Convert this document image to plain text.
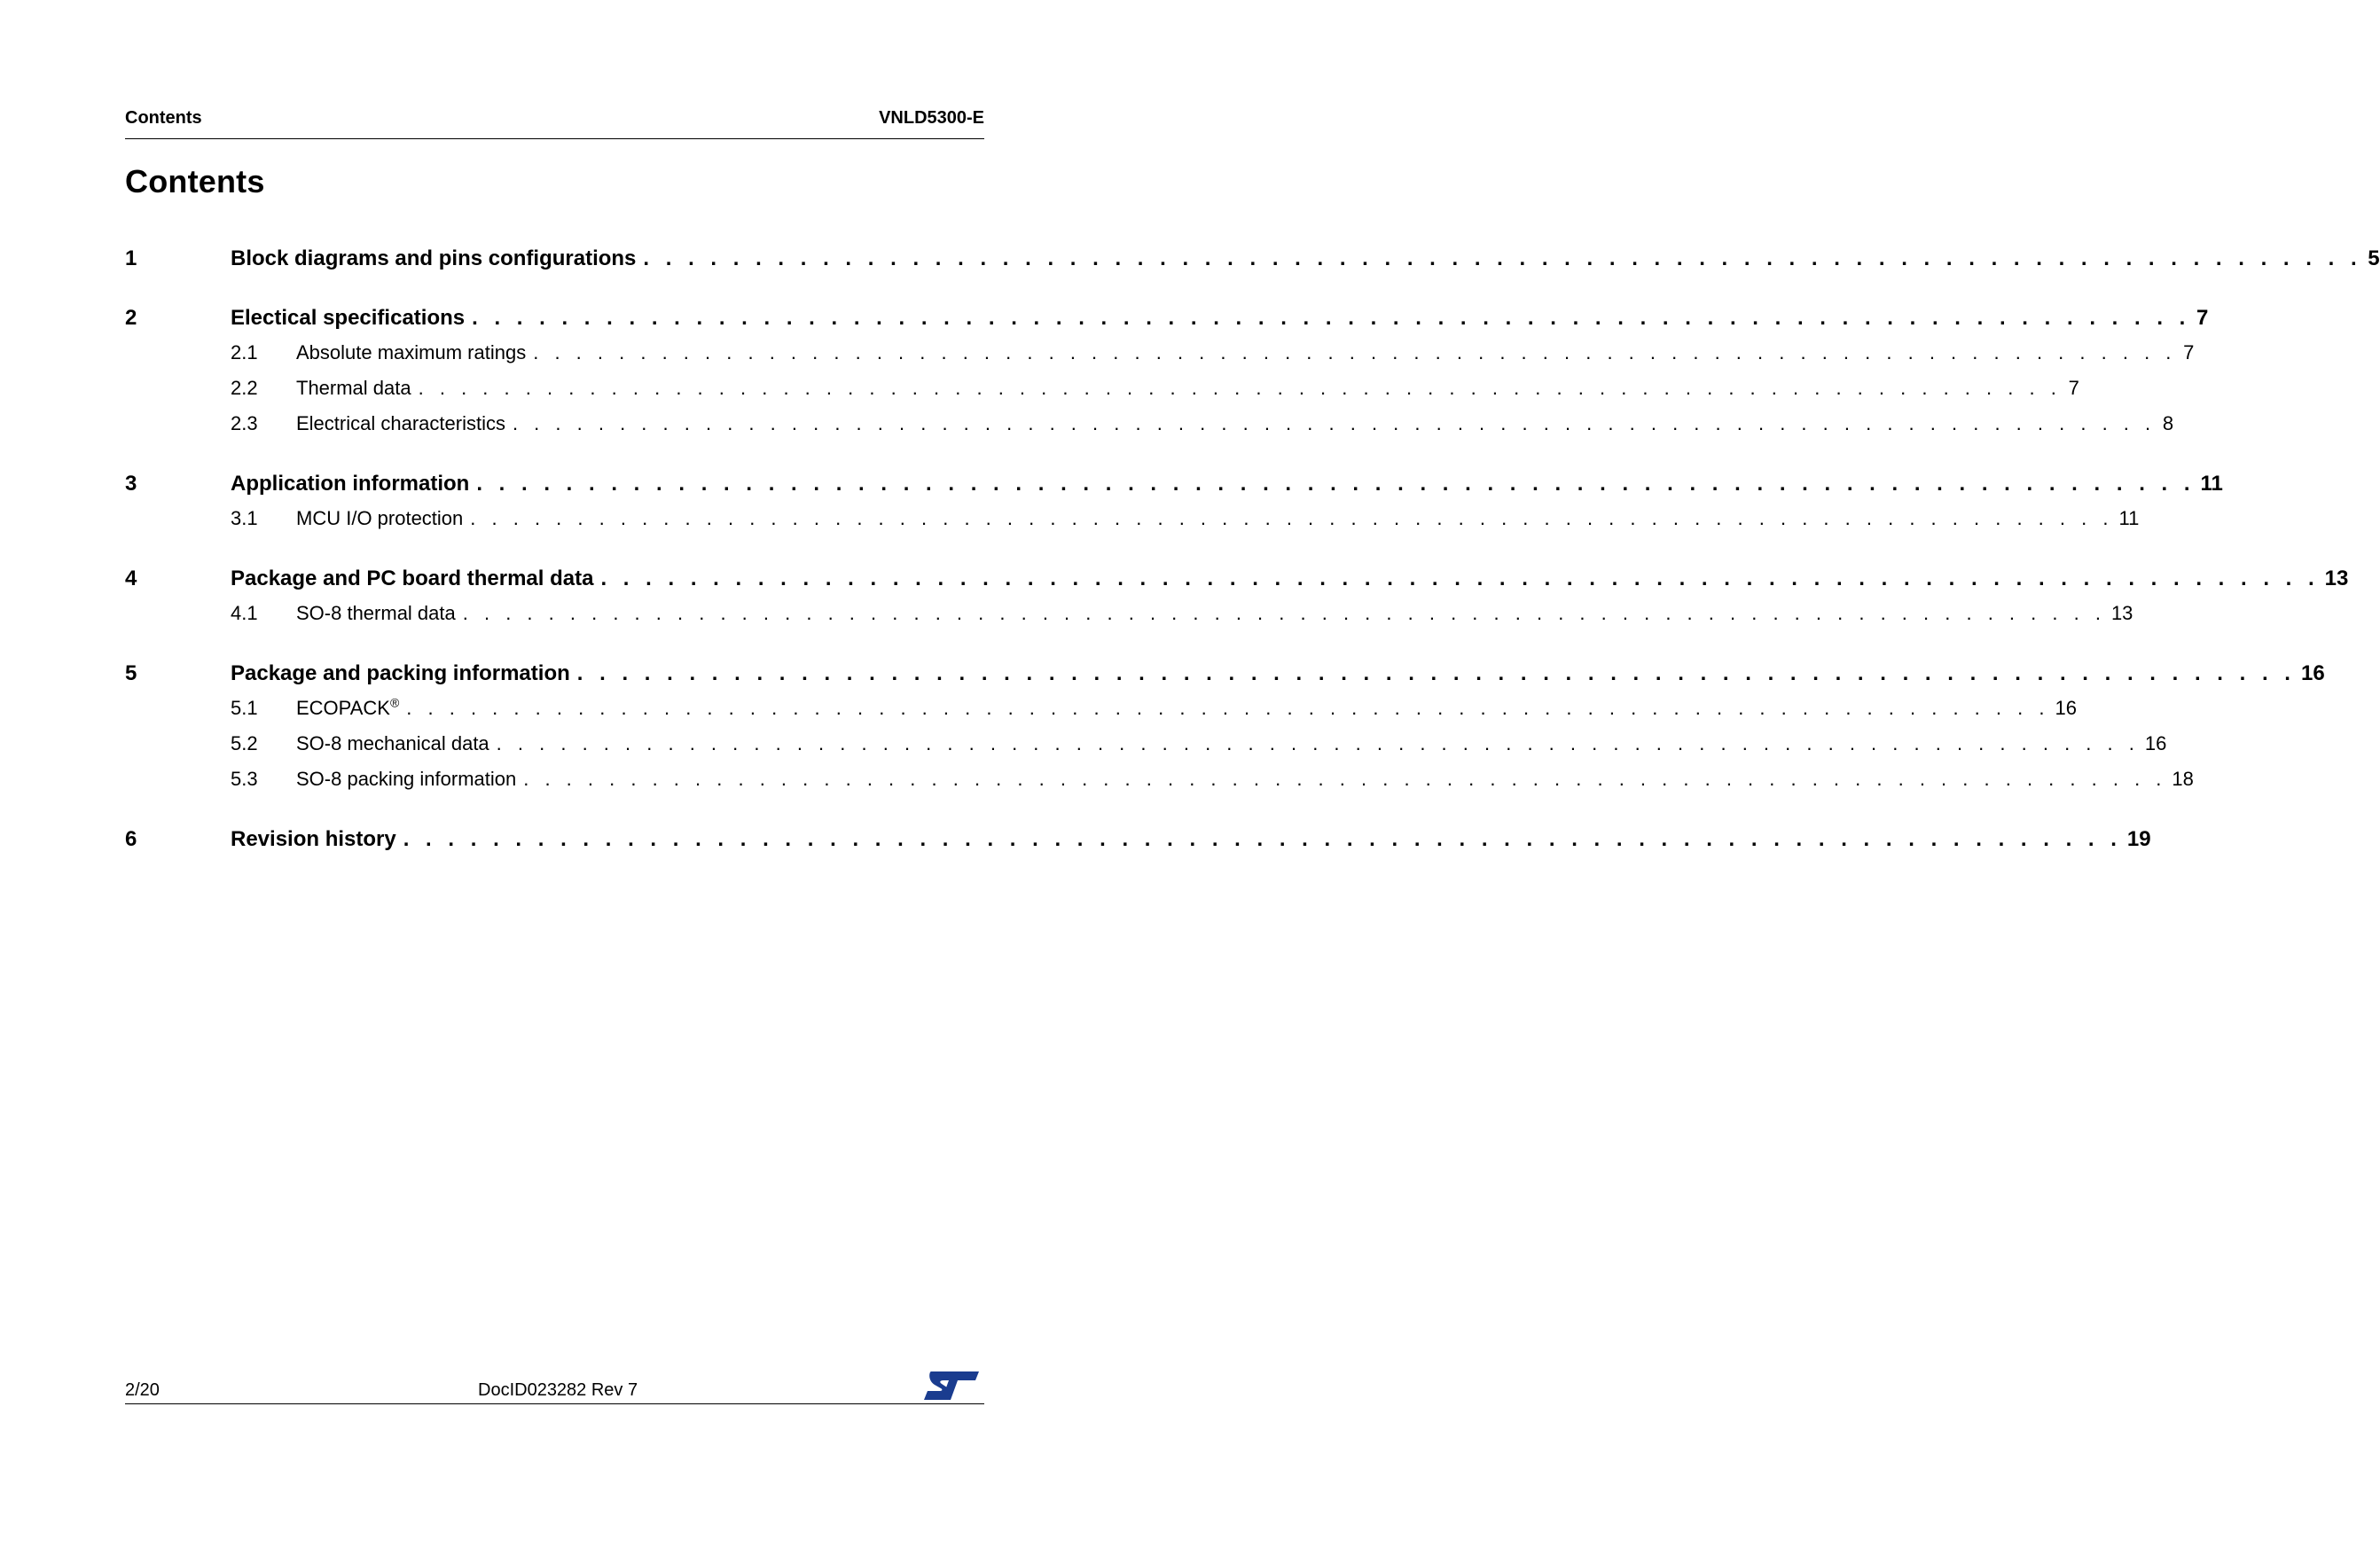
Contents	VNLD5300-E
Contents
1	Block diagrams and pins configurations . . . . . . . . . . . . . . . . . . . . . . . . . . . . . . . . . . . . . . . . . . . . . . . . . . . . . . . . . . . . . . . . . . . . . . . . . . . . . 5
2	Electical specifications . . . . . . . . . . . . . . . . . . . . . . . . . . . . . . . . . . . . . . . . . . . . . . . . . . . . . . . . . . . . . . . . . . . . . . . . . . . . . 7
2.1 Absolute maximum ratings . . . . . . . . . . . . . . . . . . . . . . . . . . . . . . . . . . . . . . . . . . . . . . . . . . . . . . . . . . . . . . . . . . . . . . . . . . . . . 7
2.2 Thermal data . . . . . . . . . . . . . . . . . . . . . . . . . . . . . . . . . . . . . . . . . . . . . . . . . . . . . . . . . . . . . . . . . . . . . . . . . . . . . 7
2.3 Electrical characteristics . . . . . . . . . . . . . . . . . . . . . . . . . . . . . . . . . . . . . . . . . . . . . . . . . . . . . . . . . . . . . . . . . . . . . . . . . . . . . 8
3	Application information . . . . . . . . . . . . . . . . . . . . . . . . . . . . . . . . . . . . . . . . . . . . . . . . . . . . . . . . . . . . . . . . . . . . . . . . . . . . . 11
3.1 MCU I/O protection . . . . . . . . . . . . . . . . . . . . . . . . . . . . . . . . . . . . . . . . . . . . . . . . . . . . . . . . . . . . . . . . . . . . . . . . . . . . . 11
4	Package and PC board thermal data . . . . . . . . . . . . . . . . . . . . . . . . . . . . . . . . . . . . . . . . . . . . . . . . . . . . . . . . . . . . . . . . . . . . . . . . . . . . . 13
4.1 SO-8 thermal data . . . . . . . . . . . . . . . . . . . . . . . . . . . . . . . . . . . . . . . . . . . . . . . . . . . . . . . . . . . . . . . . . . . . . . . . . . . . . 13
5	Package and packing information . . . . . . . . . . . . . . . . . . . . . . . . . . . . . . . . . . . . . . . . . . . . . . . . . . . . . . . . . . . . . . . . . . . . . . . . . . . . . 16
5.1 ECOPACK® . . . . . . . . . . . . . . . . . . . . . . . . . . . . . . . . . . . . . . . . . . . . . . . . . . . . . . . . . . . . . . . . . . . . . . . . . . . . . 16
5.2 SO-8 mechanical data . . . . . . . . . . . . . . . . . . . . . . . . . . . . . . . . . . . . . . . . . . . . . . . . . . . . . . . . . . . . . . . . . . . . . . . . . . . . . 16
5.3 SO-8 packing information . . . . . . . . . . . . . . . . . . . . . . . . . . . . . . . . . . . . . . . . . . . . . . . . . . . . . . . . . . . . . . . . . . . . . . . . . . . . . 18
6	Revision history . . . . . . . . . . . . . . . . . . . . . . . . . . . . . . . . . . . . . . . . . . . . . . . . . . . . . . . . . . . . . . . . . . . . . . . . . . . . . 19
2/20	DocID023282 Rev 7
